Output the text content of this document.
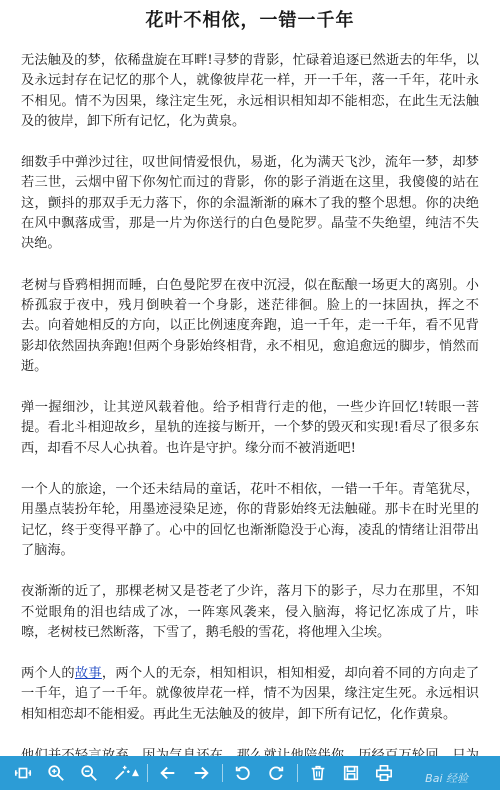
花叶不相依，一错一千年

无法触及的梦，依稀盘旋在耳畔!寻梦的背影，忙碌着追逐已然逝去的年华，以及永远封存在记忆的那个人，就像彼岸花一样，开一千年，落一千年，花叶永不相见。情不为因果，缘注定生死，永远相识相知却不能相恋，在此生无法触及的彼岸，卸下所有记忆，化为黄泉。

细数手中弹沙过往，叹世间情爱恨仇，易逝，化为满天飞沙，流年一梦，却梦若三世，云烟中留下你匆忙而过的背影，你的影子消逝在这里，我傻傻的站在这，颤抖的那双手无力落下，你的余温渐渐的麻木了我的整个思想。你的决绝在风中飘落成雪，那是一片为你送行的白色曼陀罗。晶莹不失绝望，纯洁不失决绝。

老树与昏鸦相拥而睡，白色曼陀罗在夜中沉浸，似在酝酿一场更大的离别。小桥孤寂于夜中，残月倒映着一个身影，迷茫徘徊。脸上的一抹固执，挥之不去。向着她相反的方向，以正比例速度奔跑，追一千年，走一千年，看不见背影却依然固执奔跑!但两个身影始终相背，永不相见，愈追愈远的脚步，悄然而逝。

弹一握细沙，让其逆风载着他。给予相背行走的他，一些少许回忆!转眼一菩提。看北斗相迎故乡，星轨的连接与断开，一个梦的毁灭和实现!看尽了很多东西，却看不尽人心执着。也许是守护。缘分而不被消逝吧!

一个人的旅途，一个还未结局的童话，花叶不相依，一错一千年。青笔犹尽，用墨点装扮年轮，用墨迹浸染足迹，你的背影始终无法触碰。那卡在时光里的记忆，终于变得平静了。心中的回忆也渐渐隐没于心海，凌乱的情绪让泪带出了脑海。

夜渐渐的近了，那棵老树又是苍老了少许，落月下的影子，尽力在那里，不知不觉眼角的泪也结成了冰，一阵寒风袭来，侵入脑海，将记忆冻成了片，咔嚓，老树枝已然断落，下雪了，鹅毛般的雪花，将他埋入尘埃。

两个人的故事，两个人的无奈，相知相识，相知相爱，却向着不同的方向走了一千年，追了一千年。就像彼岸花一样，情不为因果，缘注定生死。永远相识相知相恋却不能相爱。再此生无法触及的彼岸，卸下所有记忆，化作黄泉。

▲	Bai 经验
